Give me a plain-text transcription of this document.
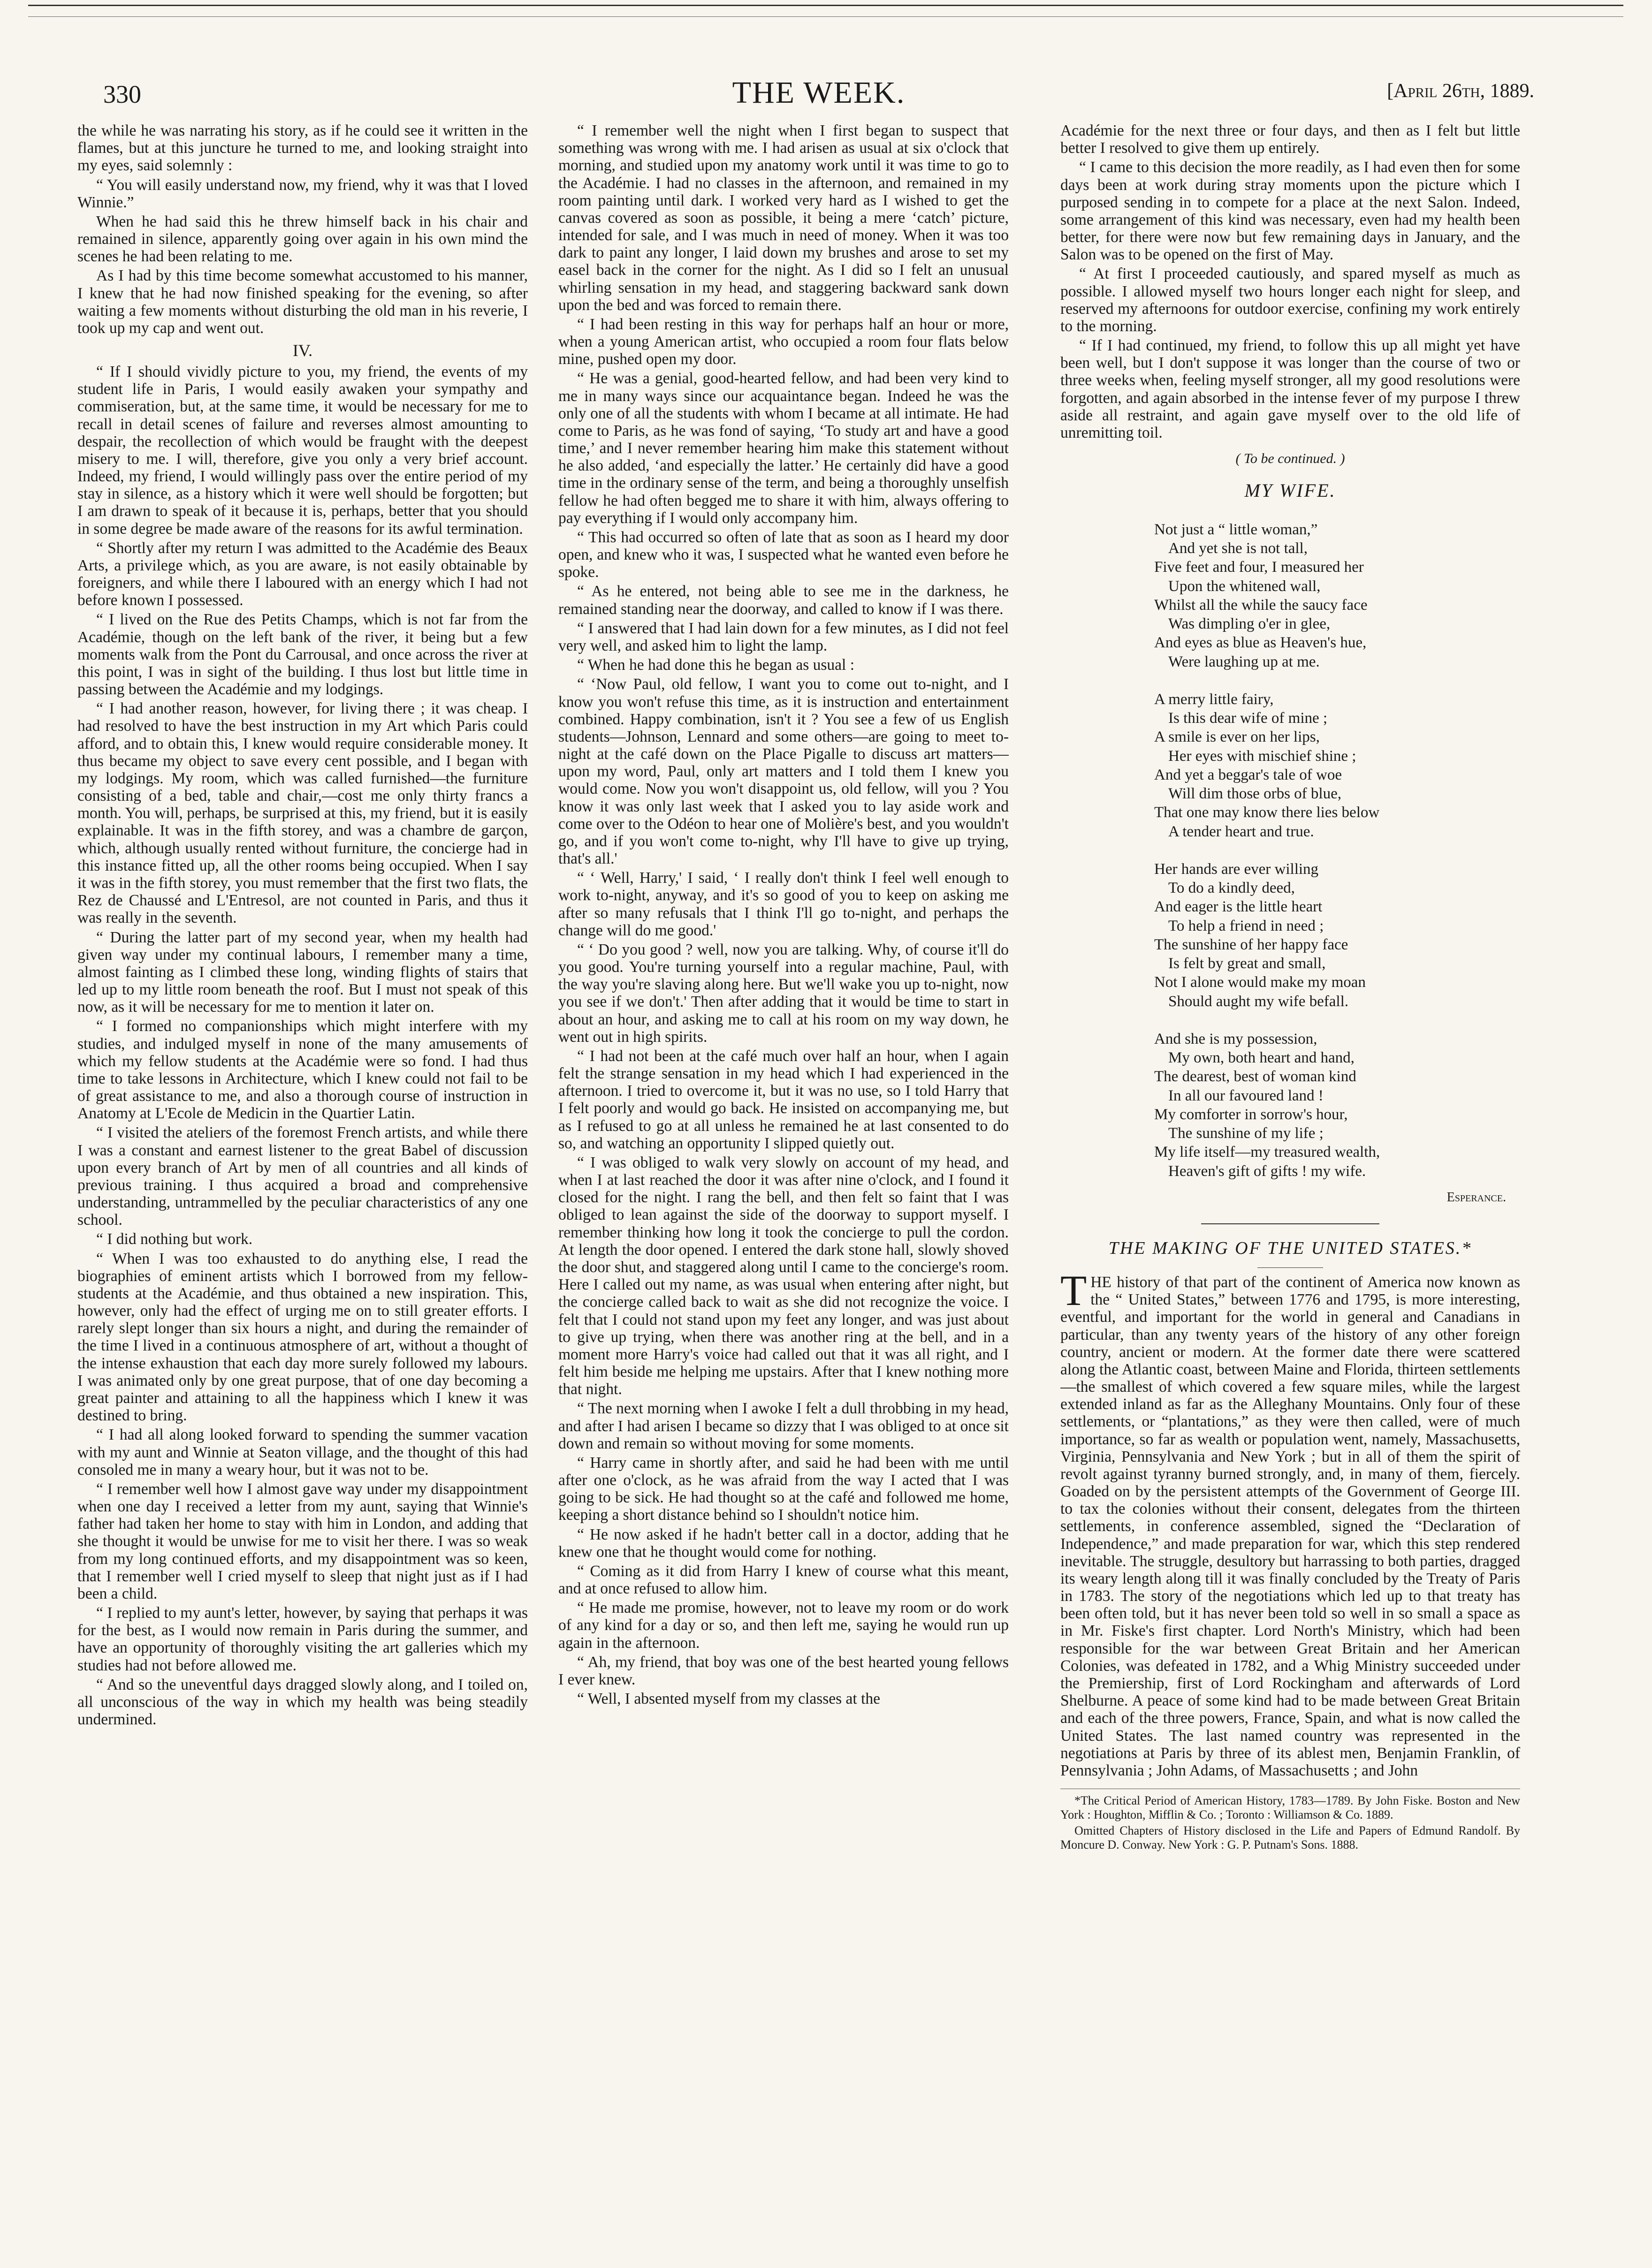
330	THE WEEK.	[April 26th, 1889.

the while he was narrating his story, as if he could see it written in the flames, but at this juncture he turned to me, and looking straight into my eyes, said solemnly :

“ You will easily understand now, my friend, why it was that I loved Winnie.”

When he had said this he threw himself back in his chair and remained in silence, apparently going over again in his own mind the scenes he had been relating to me.

As I had by this time become somewhat accustomed to his manner, I knew that he had now finished speaking for the evening, so after waiting a few moments without disturbing the old man in his reverie, I took up my cap and went out.

IV.

“ If I should vividly picture to you, my friend, the events of my student life in Paris, I would easily awaken your sympathy and commiseration, but, at the same time, it would be necessary for me to recall in detail scenes of failure and reverses almost amounting to despair, the recollection of which would be fraught with the deepest misery to me. I will, therefore, give you only a very brief account. Indeed, my friend, I would willingly pass over the entire period of my stay in silence, as a history which it were well should be forgotten; but I am drawn to speak of it because it is, perhaps, better that you should in some degree be made aware of the reasons for its awful termination.

“ Shortly after my return I was admitted to the Académie des Beaux Arts, a privilege which, as you are aware, is not easily obtainable by foreigners, and while there I laboured with an energy which I had not before known I possessed.

“ I lived on the Rue des Petits Champs, which is not far from the Académie, though on the left bank of the river, it being but a few moments walk from the Pont du Carrousal, and once across the river at this point, I was in sight of the building. I thus lost but little time in passing between the Académie and my lodgings.

“ I had another reason, however, for living there ; it was cheap. I had resolved to have the best instruction in my Art which Paris could afford, and to obtain this, I knew would require considerable money. It thus became my object to save every cent possible, and I began with my lodgings. My room, which was called furnished—the furniture consisting of a bed, table and chair,—cost me only thirty francs a month. You will, perhaps, be surprised at this, my friend, but it is easily explainable. It was in the fifth storey, and was a chambre de garçon, which, although usually rented without furniture, the concierge had in this instance fitted up, all the other rooms being occupied. When I say it was in the fifth storey, you must remember that the first two flats, the Rez de Chaussé and L'Entresol, are not counted in Paris, and thus it was really in the seventh.

“ During the latter part of my second year, when my health had given way under my continual labours, I remember many a time, almost fainting as I climbed these long, winding flights of stairs that led up to my little room beneath the roof. But I must not speak of this now, as it will be necessary for me to mention it later on.

“ I formed no companionships which might interfere with my studies, and indulged myself in none of the many amusements of which my fellow students at the Académie were so fond. I had thus time to take lessons in Architecture, which I knew could not fail to be of great assistance to me, and also a thorough course of instruction in Anatomy at L'Ecole de Medicin in the Quartier Latin.

“ I visited the ateliers of the foremost French artists, and while there I was a constant and earnest listener to the great Babel of discussion upon every branch of Art by men of all countries and all kinds of previous training. I thus acquired a broad and comprehensive understanding, untrammelled by the peculiar characteristics of any one school.

“ I did nothing but work.

“ When I was too exhausted to do anything else, I read the biographies of eminent artists which I borrowed from my fellow-students at the Académie, and thus obtained a new inspiration. This, however, only had the effect of urging me on to still greater efforts. I rarely slept longer than six hours a night, and during the remainder of the time I lived in a continuous atmosphere of art, without a thought of the intense exhaustion that each day more surely followed my labours. I was animated only by one great purpose, that of one day becoming a great painter and attaining to all the happiness which I knew it was destined to bring.

“ I had all along looked forward to spending the summer vacation with my aunt and Winnie at Seaton village, and the thought of this had consoled me in many a weary hour, but it was not to be.

“ I remember well how I almost gave way under my disappointment when one day I received a letter from my aunt, saying that Winnie's father had taken her home to stay with him in London, and adding that she thought it would be unwise for me to visit her there. I was so weak from my long continued efforts, and my disappointment was so keen, that I remember well I cried myself to sleep that night just as if I had been a child.

“ I replied to my aunt's letter, however, by saying that perhaps it was for the best, as I would now remain in Paris during the summer, and have an opportunity of thoroughly visiting the art galleries which my studies had not before allowed me.

“ And so the uneventful days dragged slowly along, and I toiled on, all unconscious of the way in which my health was being steadily undermined.

“ I remember well the night when I first began to suspect that something was wrong with me. I had arisen as usual at six o'clock that morning, and studied upon my anatomy work until it was time to go to the Académie. I had no classes in the afternoon, and remained in my room painting until dark. I worked very hard as I wished to get the canvas covered as soon as possible, it being a mere ‘catch’ picture, intended for sale, and I was much in need of money. When it was too dark to paint any longer, I laid down my brushes and arose to set my easel back in the corner for the night. As I did so I felt an unusual whirling sensation in my head, and staggering backward sank down upon the bed and was forced to remain there.

“ I had been resting in this way for perhaps half an hour or more, when a young American artist, who occupied a room four flats below mine, pushed open my door.

“ He was a genial, good-hearted fellow, and had been very kind to me in many ways since our acquaintance began. Indeed he was the only one of all the students with whom I became at all intimate. He had come to Paris, as he was fond of saying, ‘To study art and have a good time,’ and I never remember hearing him make this statement without he also added, ‘and especially the latter.’ He certainly did have a good time in the ordinary sense of the term, and being a thoroughly unselfish fellow he had often begged me to share it with him, always offering to pay everything if I would only accompany him.

“ This had occurred so often of late that as soon as I heard my door open, and knew who it was, I suspected what he wanted even before he spoke.

“ As he entered, not being able to see me in the darkness, he remained standing near the doorway, and called to know if I was there.

“ I answered that I had lain down for a few minutes, as I did not feel very well, and asked him to light the lamp.

“ When he had done this he began as usual :

“ ‘Now Paul, old fellow, I want you to come out to-night, and I know you won't refuse this time, as it is instruction and entertainment combined. Happy combination, isn't it ? You see a few of us English students—Johnson, Lennard and some others—are going to meet to-night at the café down on the Place Pigalle to discuss art matters—upon my word, Paul, only art matters and I told them I knew you would come. Now you won't disappoint us, old fellow, will you ? You know it was only last week that I asked you to lay aside work and come over to the Odéon to hear one of Molière's best, and you wouldn't go, and if you won't come to-night, why I'll have to give up trying, that's all.'

“ ‘ Well, Harry,' I said, ‘ I really don't think I feel well enough to work to-night, anyway, and it's so good of you to keep on asking me after so many refusals that I think I'll go to-night, and perhaps the change will do me good.'

“ ‘ Do you good ? well, now you are talking. Why, of course it'll do you good. You're turning yourself into a regular machine, Paul, with the way you're slaving along here. But we'll wake you up to-night, now you see if we don't.' Then after adding that it would be time to start in about an hour, and asking me to call at his room on my way down, he went out in high spirits.

“ I had not been at the café much over half an hour, when I again felt the strange sensation in my head which I had experienced in the afternoon. I tried to overcome it, but it was no use, so I told Harry that I felt poorly and would go back. He insisted on accompanying me, but as I refused to go at all unless he remained he at last consented to do so, and watching an opportunity I slipped quietly out.

“ I was obliged to walk very slowly on account of my head, and when I at last reached the door it was after nine o'clock, and I found it closed for the night. I rang the bell, and then felt so faint that I was obliged to lean against the side of the doorway to support myself. I remember thinking how long it took the concierge to pull the cordon. At length the door opened. I entered the dark stone hall, slowly shoved the door shut, and staggered along until I came to the concierge's room. Here I called out my name, as was usual when entering after night, but the concierge called back to wait as she did not recognize the voice. I felt that I could not stand upon my feet any longer, and was just about to give up trying, when there was another ring at the bell, and in a moment more Harry's voice had called out that it was all right, and I felt him beside me helping me upstairs. After that I knew nothing more that night.

“ The next morning when I awoke I felt a dull throbbing in my head, and after I had arisen I became so dizzy that I was obliged to at once sit down and remain so without moving for some moments.

“ Harry came in shortly after, and said he had been with me until after one o'clock, as he was afraid from the way I acted that I was going to be sick. He had thought so at the café and followed me home, keeping a short distance behind so I shouldn't notice him.

“ He now asked if he hadn't better call in a doctor, adding that he knew one that he thought would come for nothing.

“ Coming as it did from Harry I knew of course what this meant, and at once refused to allow him.

“ He made me promise, however, not to leave my room or do work of any kind for a day or so, and then left me, saying he would run up again in the afternoon.

“ Ah, my friend, that boy was one of the best hearted young fellows I ever knew.

“ Well, I absented myself from my classes at the

Académie for the next three or four days, and then as I felt but little better I resolved to give them up entirely.

“ I came to this decision the more readily, as I had even then for some days been at work during stray moments upon the picture which I purposed sending in to compete for a place at the next Salon. Indeed, some arrangement of this kind was necessary, even had my health been better, for there were now but few remaining days in January, and the Salon was to be opened on the first of May.

“ At first I proceeded cautiously, and spared myself as much as possible. I allowed myself two hours longer each night for sleep, and reserved my afternoons for outdoor exercise, confining my work entirely to the morning.

“ If I had continued, my friend, to follow this up all might yet have been well, but I don't suppose it was longer than the course of two or three weeks when, feeling myself stronger, all my good resolutions were forgotten, and again absorbed in the intense fever of my purpose I threw aside all restraint, and again gave myself over to the old life of unremitting toil.

( To be continued. )
MY WIFE.
Not just a “ little woman,”
And yet she is not tall,
Five feet and four, I measured her
Upon the whitened wall,
Whilst all the while the saucy face
Was dimpling o'er in glee,
And eyes as blue as Heaven's hue,
Were laughing up at me.
A merry little fairy,
Is this dear wife of mine ;
A smile is ever on her lips,
Her eyes with mischief shine ;
And yet a beggar's tale of woe
Will dim those orbs of blue,
That one may know there lies below
A tender heart and true.
Her hands are ever willing
To do a kindly deed,
And eager is the little heart
To help a friend in need ;
The sunshine of her happy face
Is felt by great and small,
Not I alone would make my moan
Should aught my wife befall.
And she is my possession,
My own, both heart and hand,
The dearest, best of woman kind
In all our favoured land !
My comforter in sorrow's hour,
The sunshine of my life ;
My life itself—my treasured wealth,
Heaven's gift of gifts ! my wife.
Esperance.
THE MAKING OF THE UNITED STATES.*

THE history of that part of the continent of America now known as the “ United States,” between 1776 and 1795, is more interesting, eventful, and important for the world in general and Canadians in particular, than any twenty years of the history of any other foreign country, ancient or modern. At the former date there were scattered along the Atlantic coast, between Maine and Florida, thirteen settlements—the smallest of which covered a few square miles, while the largest extended inland as far as the Alleghany Mountains. Only four of these settlements, or “plantations,” as they were then called, were of much importance, so far as wealth or population went, namely, Massachusetts, Virginia, Pennsylvania and New York ; but in all of them the spirit of revolt against tyranny burned strongly, and, in many of them, fiercely. Goaded on by the persistent attempts of the Government of George III. to tax the colonies without their consent, delegates from the thirteen settlements, in conference assembled, signed the “Declaration of Independence,” and made preparation for war, which this step rendered inevitable. The struggle, desultory but harrassing to both parties, dragged its weary length along till it was finally concluded by the Treaty of Paris in 1783. The story of the negotiations which led up to that treaty has been often told, but it has never been told so well in so small a space as in Mr. Fiske's first chapter. Lord North's Ministry, which had been responsible for the war between Great Britain and her American Colonies, was defeated in 1782, and a Whig Ministry succeeded under the Premiership, first of Lord Rockingham and afterwards of Lord Shelburne. A peace of some kind had to be made between Great Britain and each of the three powers, France, Spain, and what is now called the United States. The last named country was represented in the negotiations at Paris by three of its ablest men, Benjamin Franklin, of Pennsylvania ; John Adams, of Massachusetts ; and John

*The Critical Period of American History, 1783—1789. By John Fiske. Boston and New York : Houghton, Mifflin & Co. ; Toronto : Williamson & Co. 1889.

Omitted Chapters of History disclosed in the Life and Papers of Edmund Randolf. By Moncure D. Conway. New York : G. P. Putnam's Sons. 1888.
